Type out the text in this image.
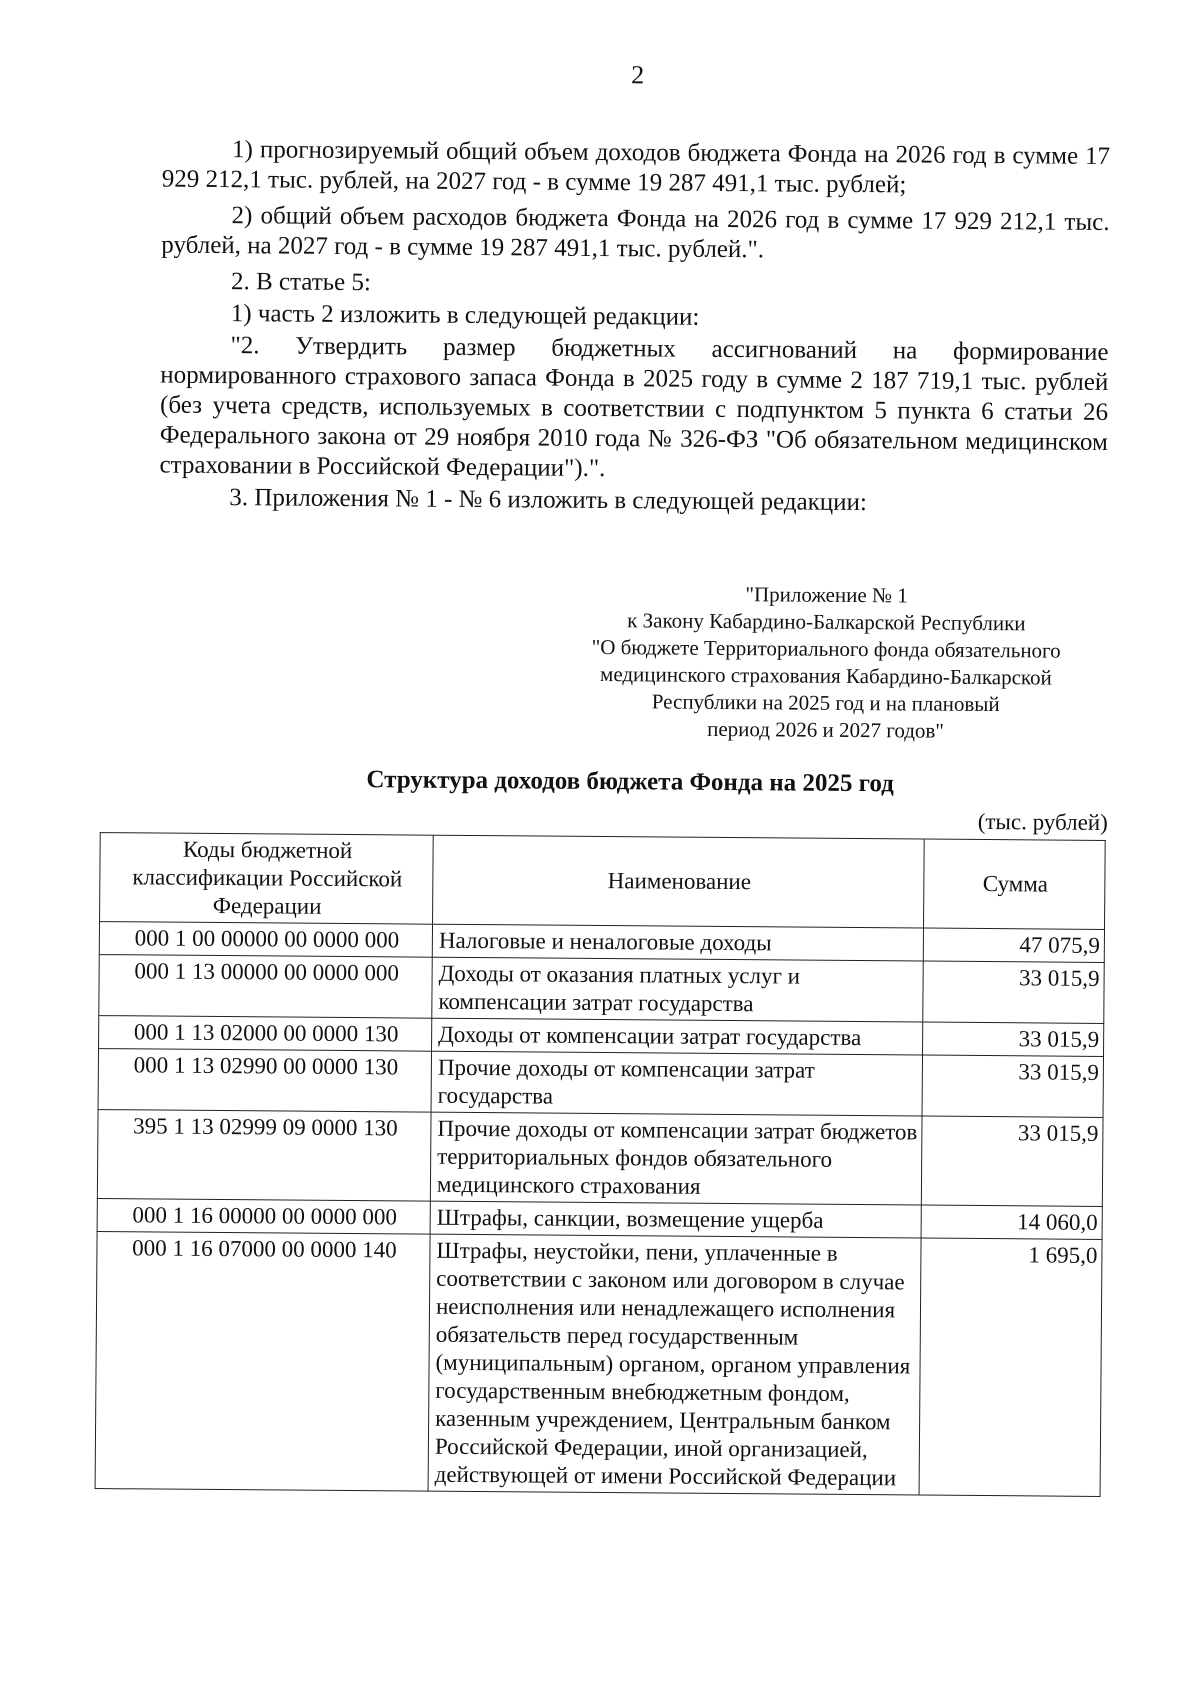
2

1) прогнозируемый общий объем доходов бюджета Фонда на 2026 год в сумме 17 929 212,1 тыс. рублей, на 2027 год - в сумме 19 287 491,1 тыс. рублей;

2) общий объем расходов бюджета Фонда на 2026 год в сумме 17 929 212,1 тыс. рублей, на 2027 год - в сумме 19 287 491,1 тыс. рублей.".

2. В статье 5:

1) часть 2 изложить в следующей редакции:

"2. Утвердить размер бюджетных ассигнований на формирование нормированного страхового запаса Фонда в 2025 году в сумме 2 187 719,1 тыс. рублей (без учета средств, используемых в соответствии с подпунктом 5 пункта 6 статьи 26 Федерального закона от 29 ноября 2010 года № 326-ФЗ "Об обязательном медицинском страховании в Российской Федерации").".

3. Приложения № 1 - № 6 изложить в следующей редакции:

"Приложение № 1
к Закону Кабардино-Балкарской Республики
"О бюджете Территориального фонда обязательного
медицинского страхования Кабардино-Балкарской
Республики на 2025 год и на плановый
период 2026 и 2027 годов"
Структура доходов бюджета Фонда на 2025 год
(тыс. рублей)
Коды бюджетной классификации Российской Федерации	Наименование	Сумма
000 1 00 00000 00 0000 000	Налоговые и неналоговые доходы	47 075,9
000 1 13 00000 00 0000 000	Доходы от оказания платных услуг и компенсации затрат государства	33 015,9
000 1 13 02000 00 0000 130	Доходы от компенсации затрат государства	33 015,9
000 1 13 02990 00 0000 130	Прочие доходы от компенсации затрат государства	33 015,9
395 1 13 02999 09 0000 130	Прочие доходы от компенсации затрат бюджетов территориальных фондов обязательного медицинского страхования	33 015,9
000 1 16 00000 00 0000 000	Штрафы, санкции, возмещение ущерба	14 060,0
000 1 16 07000 00 0000 140	Штрафы, неустойки, пени, уплаченные в соответствии с законом или договором в случае неисполнения или ненадлежащего исполнения обязательств перед государственным (муниципальным) органом, органом управления государственным внебюджетным фондом, казенным учреждением, Центральным банком Российской Федерации, иной организацией, действующей от имени Российской Федерации	1 695,0
